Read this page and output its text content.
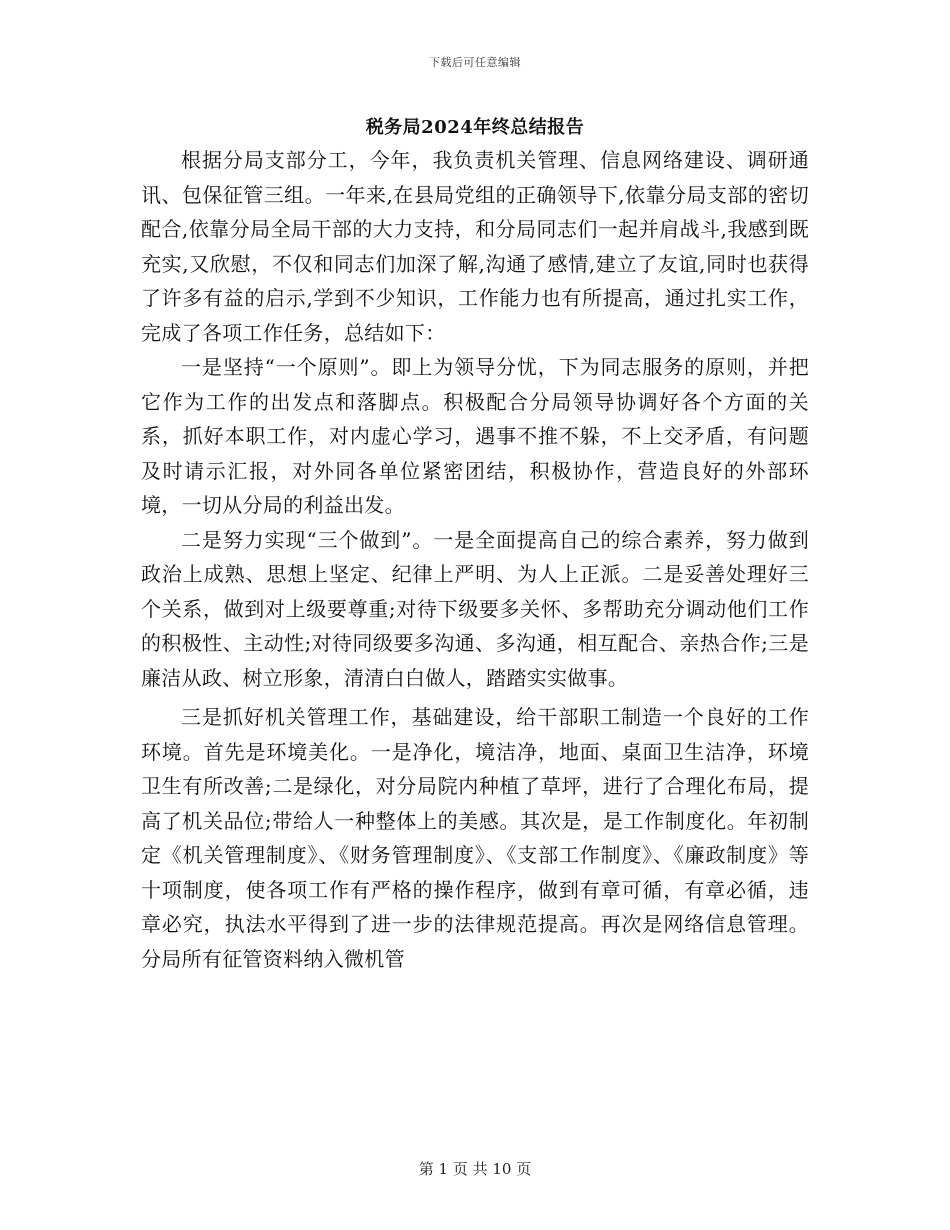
下载后可任意编辑
税务局2024年终总结报告

根据分局支部分工，今年，我负责机关管理、信息网络建设、调研通讯、包保征管三组。一年来,在县局党组的正确领导下,依靠分局支部的密切配合,依靠分局全局干部的大力支持，和分局同志们一起并肩战斗,我感到既充实,又欣慰，不仅和同志们加深了解,沟通了感情,建立了友谊,同时也获得了许多有益的启示,学到不少知识，工作能力也有所提高，通过扎实工作，完成了各项工作任务，总结如下：

一是坚持“一个原则”。即上为领导分忧，下为同志服务的原则，并把它作为工作的出发点和落脚点。积极配合分局领导协调好各个方面的关系，抓好本职工作，对内虚心学习，遇事不推不躲，不上交矛盾，有问题及时请示汇报，对外同各单位紧密团结，积极协作，营造良好的外部环境，一切从分局的利益出发。

二是努力实现“三个做到”。一是全面提高自己的综合素养，努力做到政治上成熟、思想上坚定、纪律上严明、为人上正派。二是妥善处理好三个关系，做到对上级要尊重;对待下级要多关怀、多帮助充分调动他们工作的积极性、主动性;对待同级要多沟通、多沟通，相互配合、亲热合作;三是廉洁从政、树立形象，清清白白做人，踏踏实实做事。

三是抓好机关管理工作，基础建设，给干部职工制造一个良好的工作环境。首先是环境美化。一是净化，境洁净，地面、桌面卫生洁净，环境卫生有所改善;二是绿化，对分局院内种植了草坪，进行了合理化布局，提高了机关品位;带给人一种整体上的美感。其次是，是工作制度化。年初制定《机关管理制度》、《财务管理制度》、《支部工作制度》、《廉政制度》等十项制度，使各项工作有严格的操作程序，做到有章可循，有章必循，违章必究，执法水平得到了进一步的法律规范提高。再次是网络信息管理。分局所有征管资料纳入微机管

第 1 页 共 10 页
